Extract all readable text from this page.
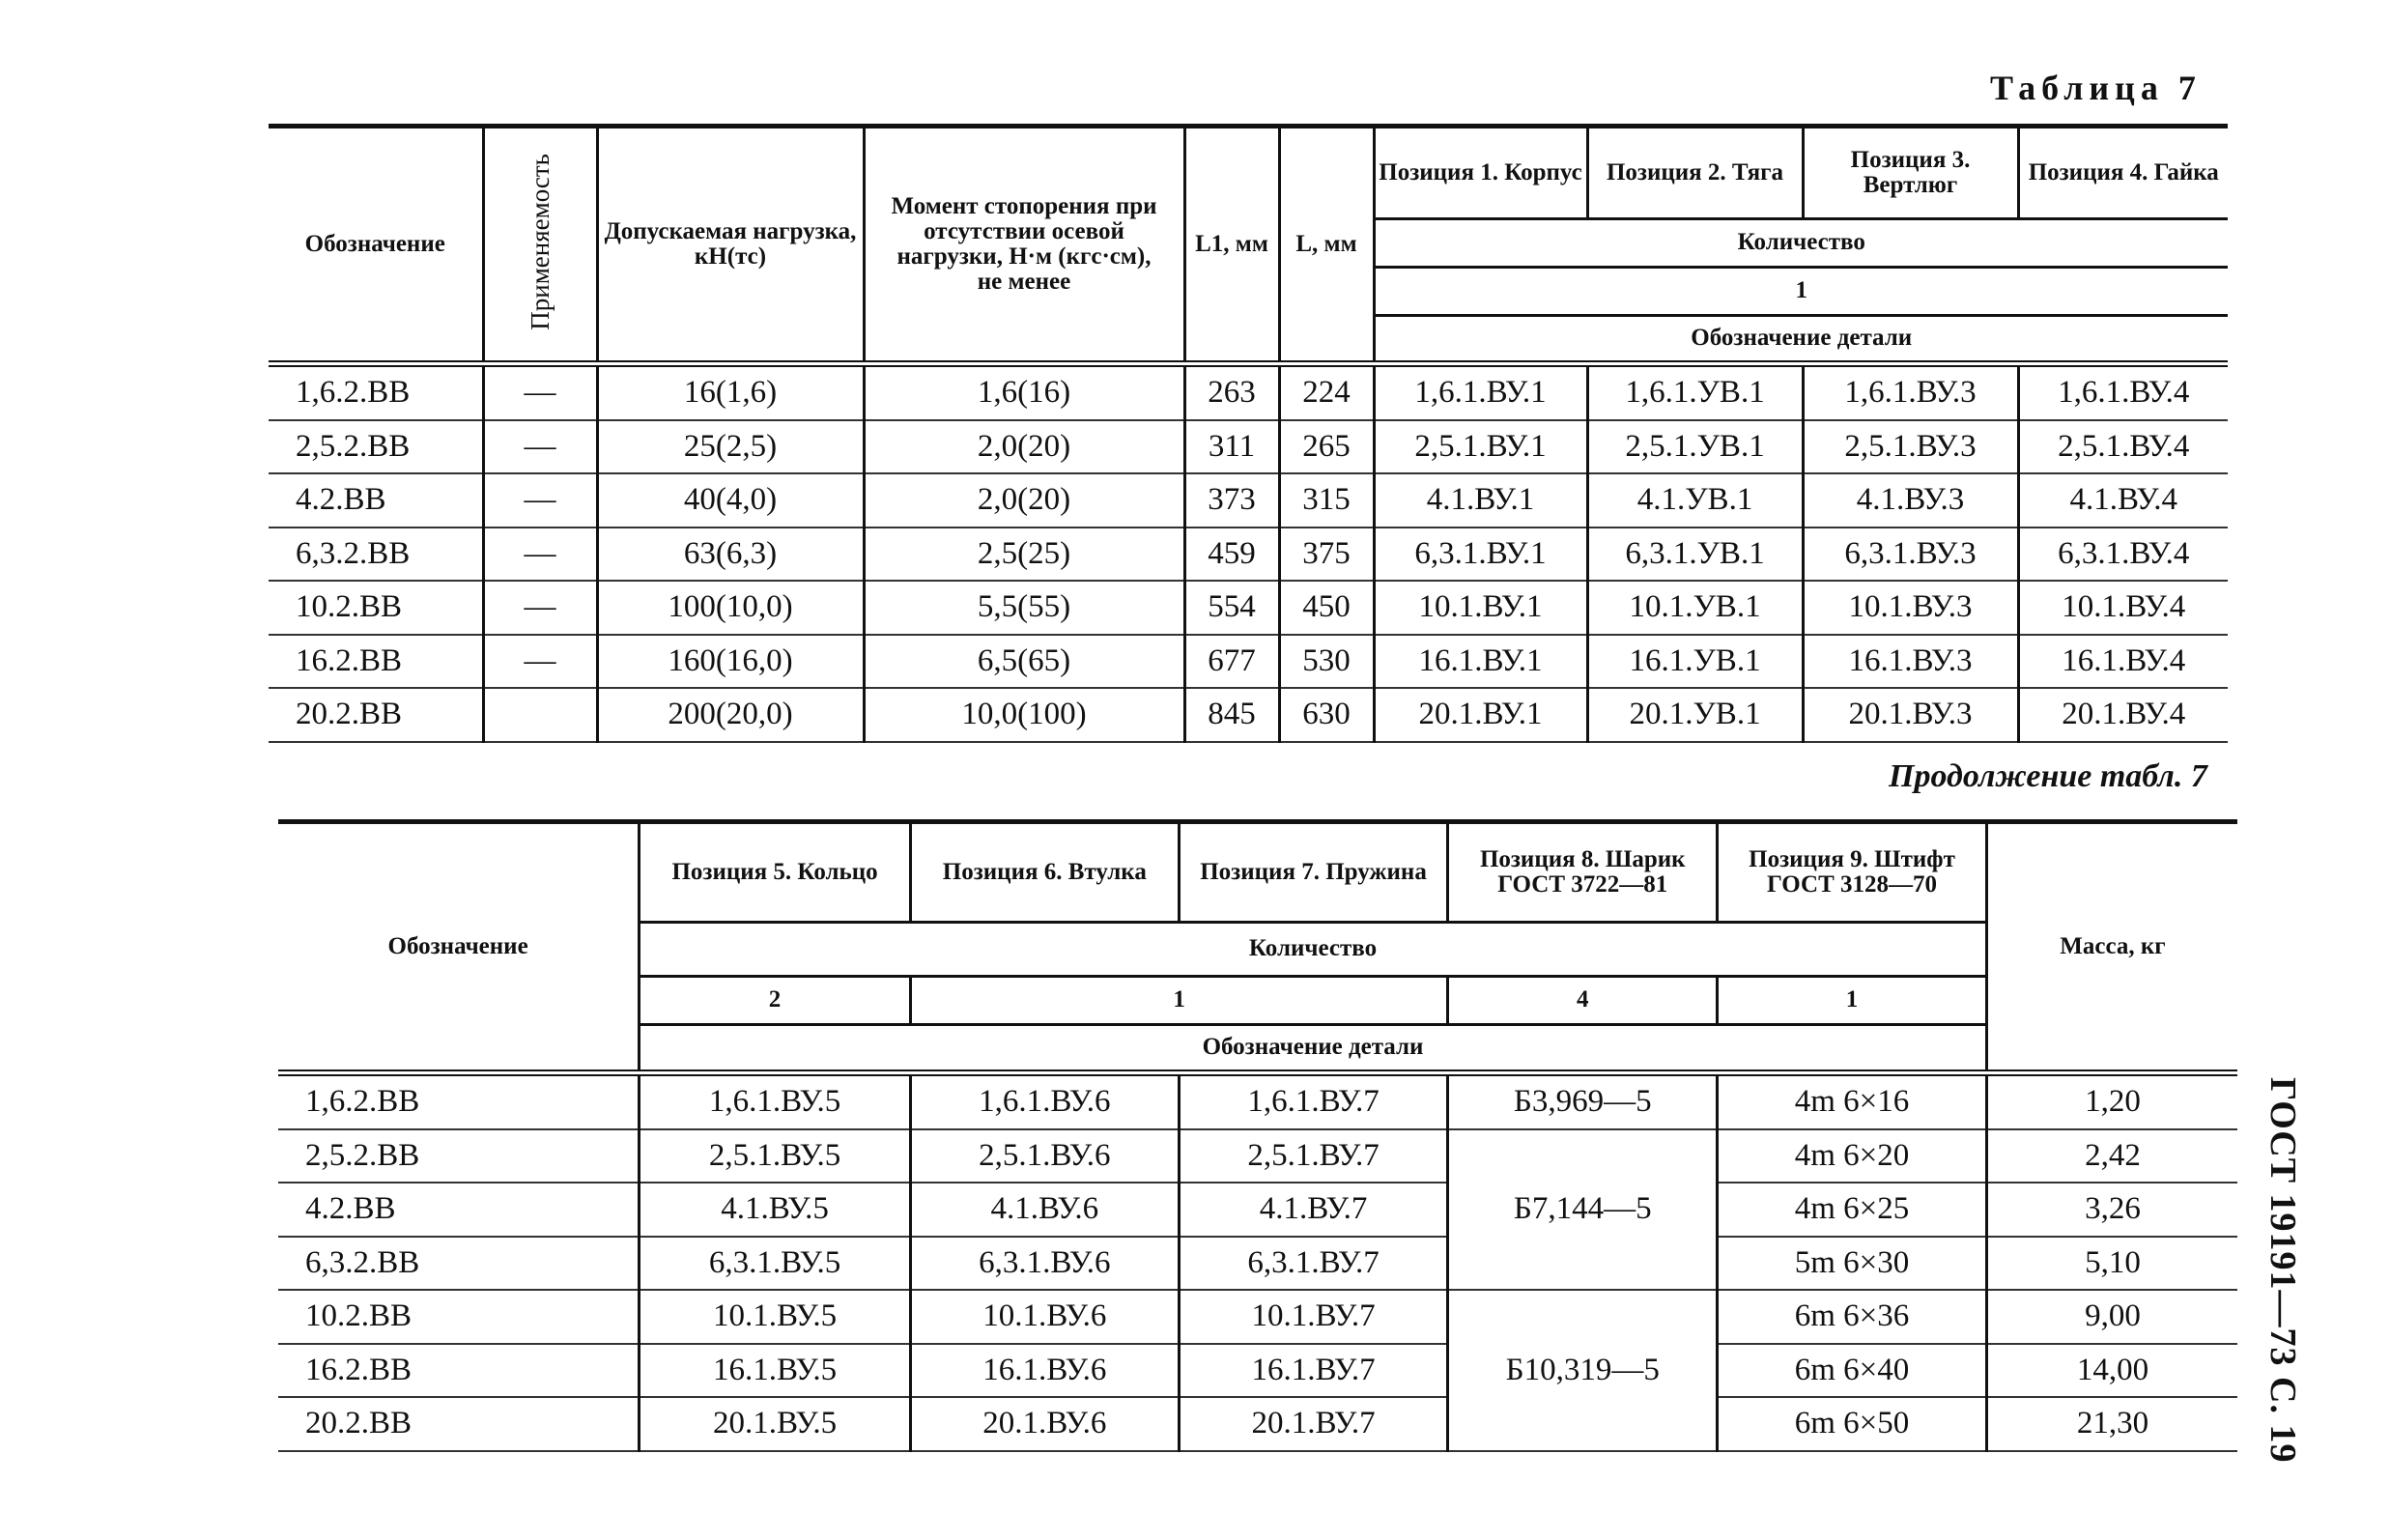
Таблица 7
Продолжение табл. 7
ГОСТ 19191—73 С. 19
Обозначение	Применяемость	Допускаемая нагрузка, кН(тс)	Момент стопорения при отсутствии осевой нагрузки, Н·м (кгс·см), не менее	L1, мм	L, мм	Позиция 1. Корпус	Позиция 2. Тяга	Позиция 3. Вертлюг	Позиция 4. Гайка
						Количество			
						1			
						Обозначение детали			
1,6.2.ВВ	—	16(1,6)	1,6(16)	263	224	1,6.1.ВУ.1	1,6.1.УВ.1	1,6.1.ВУ.3	1,6.1.ВУ.4
2,5.2.ВВ	—	25(2,5)	2,0(20)	311	265	2,5.1.ВУ.1	2,5.1.УВ.1	2,5.1.ВУ.3	2,5.1.ВУ.4
4.2.ВВ	—	40(4,0)	2,0(20)	373	315	4.1.ВУ.1	4.1.УВ.1	4.1.ВУ.3	4.1.ВУ.4
6,3.2.ВВ	—	63(6,3)	2,5(25)	459	375	6,3.1.ВУ.1	6,3.1.УВ.1	6,3.1.ВУ.3	6,3.1.ВУ.4
10.2.ВВ	—	100(10,0)	5,5(55)	554	450	10.1.ВУ.1	10.1.УВ.1	10.1.ВУ.3	10.1.ВУ.4
16.2.ВВ	—	160(16,0)	6,5(65)	677	530	16.1.ВУ.1	16.1.УВ.1	16.1.ВУ.3	16.1.ВУ.4
20.2.ВВ		200(20,0)	10,0(100)	845	630	20.1.ВУ.1	20.1.УВ.1	20.1.ВУ.3	20.1.ВУ.4
Обозначение	Позиция 5. Кольцо	Позиция 6. Втулка	Позиция 7. Пружина	Позиция 8. Шарик ГОСТ 3722—81	Позиция 9. Штифт ГОСТ 3128—70	Масса, кг
	Количество					
	2	1		4	1	
	Обозначение детали					
1,6.2.ВВ	1,6.1.ВУ.5	1,6.1.ВУ.6	1,6.1.ВУ.7	Б3,969—5	4m 6×16	1,20
2,5.2.ВВ	2,5.1.ВУ.5	2,5.1.ВУ.6	2,5.1.ВУ.7	Б7,144—5	4m 6×20	2,42
4.2.ВВ	4.1.ВУ.5	4.1.ВУ.6	4.1.ВУ.7		4m 6×25	3,26
6,3.2.ВВ	6,3.1.ВУ.5	6,3.1.ВУ.6	6,3.1.ВУ.7		5m 6×30	5,10
10.2.ВВ	10.1.ВУ.5	10.1.ВУ.6	10.1.ВУ.7	Б10,319—5	6m 6×36	9,00
16.2.ВВ	16.1.ВУ.5	16.1.ВУ.6	16.1.ВУ.7		6m 6×40	14,00
20.2.ВВ	20.1.ВУ.5	20.1.ВУ.6	20.1.ВУ.7		6m 6×50	21,30
